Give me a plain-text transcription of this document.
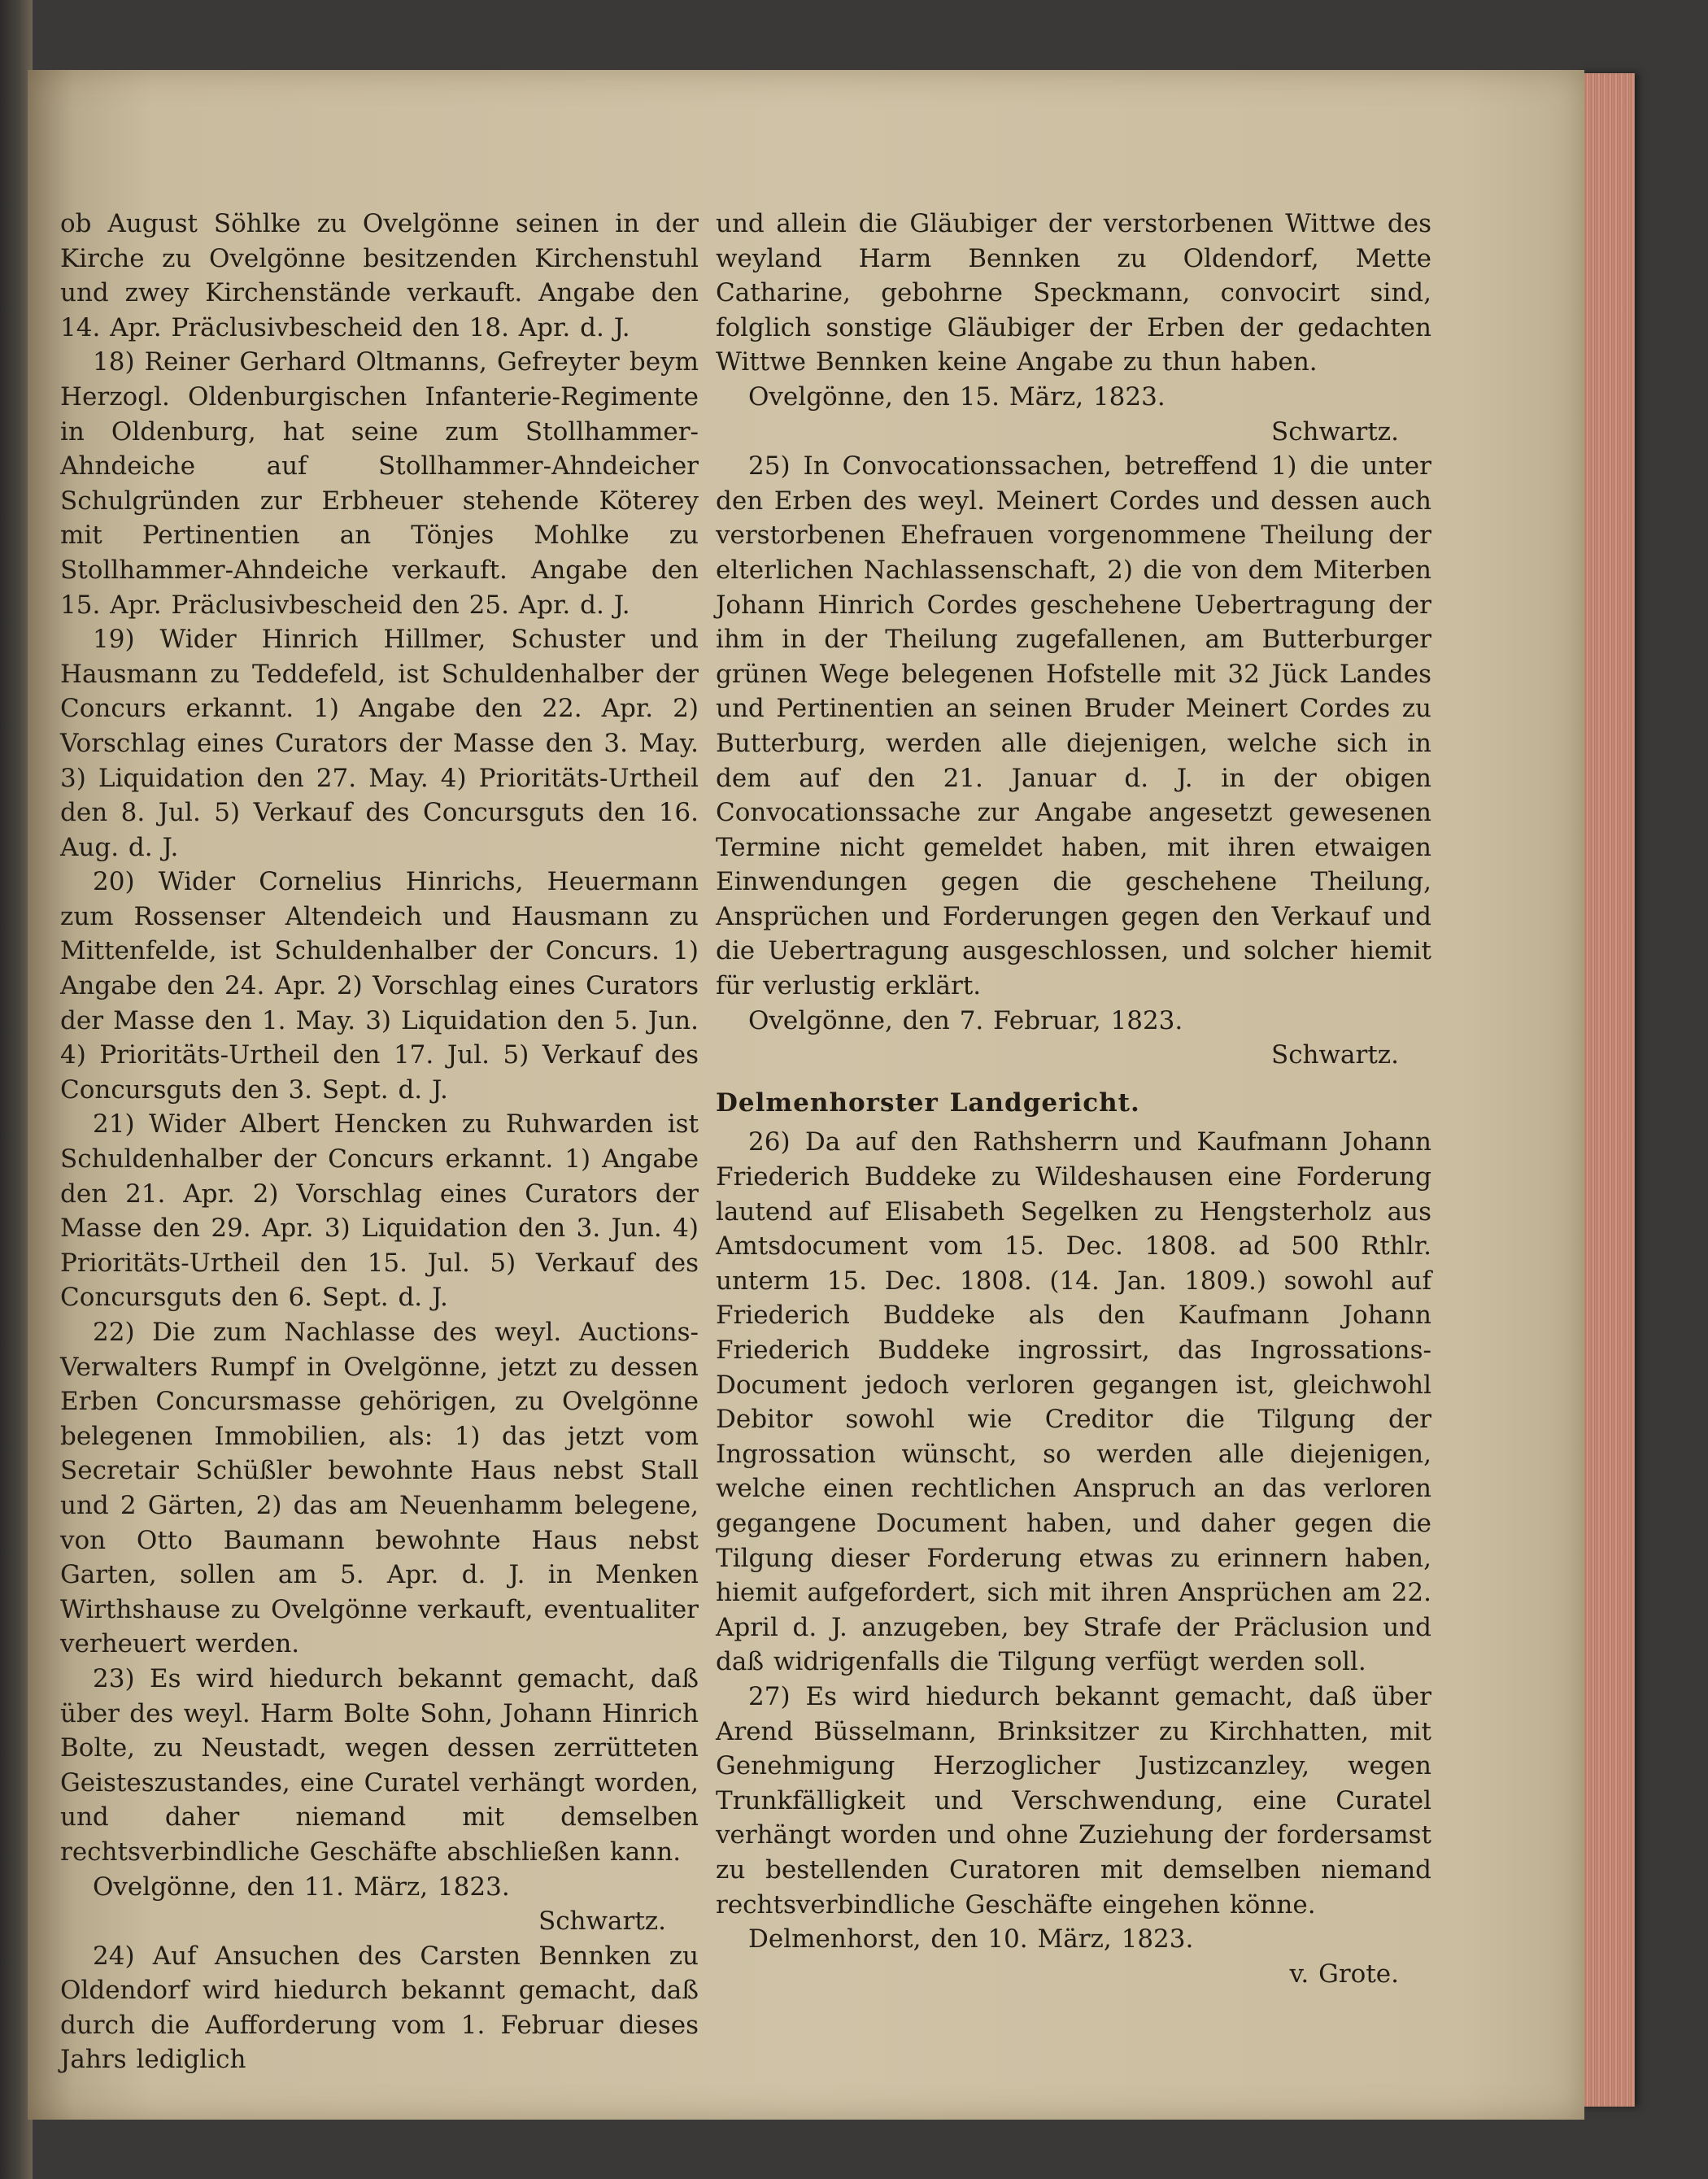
ob August Söhlke zu Ovelgönne seinen in der Kirche zu Ovelgönne besitzenden Kirchenstuhl und zwey Kirchenstände verkauft. Angabe den 14. Apr. Präclusivbescheid den 18. Apr. d. J.

18) Reiner Gerhard Oltmanns, Gefreyter beym Herzogl. Oldenburgischen Infanterie-Regimente in Oldenburg, hat seine zum Stollhammer-Ahndeiche auf Stollhammer-Ahndeicher Schulgründen zur Erbheuer stehende Köterey mit Pertinentien an Tönjes Mohlke zu Stollhammer-Ahndeiche verkauft. Angabe den 15. Apr. Präclusivbescheid den 25. Apr. d. J.

19) Wider Hinrich Hillmer, Schuster und Hausmann zu Teddefeld, ist Schuldenhalber der Concurs erkannt. 1) Angabe den 22. Apr. 2) Vorschlag eines Curators der Masse den 3. May. 3) Liquidation den 27. May. 4) Prioritäts-Urtheil den 8. Jul. 5) Verkauf des Concursguts den 16. Aug. d. J.

20) Wider Cornelius Hinrichs, Heuermann zum Rossenser Altendeich und Hausmann zu Mittenfelde, ist Schuldenhalber der Concurs. 1) Angabe den 24. Apr. 2) Vorschlag eines Curators der Masse den 1. May. 3) Liquidation den 5. Jun. 4) Prioritäts-Urtheil den 17. Jul. 5) Verkauf des Concursguts den 3. Sept. d. J.

21) Wider Albert Hencken zu Ruhwarden ist Schuldenhalber der Concurs erkannt. 1) Angabe den 21. Apr. 2) Vorschlag eines Curators der Masse den 29. Apr. 3) Liquidation den 3. Jun. 4) Prioritäts-Urtheil den 15. Jul. 5) Verkauf des Concursguts den 6. Sept. d. J.

22) Die zum Nachlasse des weyl. Auctions-Verwalters Rumpf in Ovelgönne, jetzt zu dessen Erben Concursmasse gehörigen, zu Ovelgönne belegenen Immobilien, als: 1) das jetzt vom Secretair Schüßler bewohnte Haus nebst Stall und 2 Gärten, 2) das am Neuenhamm belegene, von Otto Baumann bewohnte Haus nebst Garten, sollen am 5. Apr. d. J. in Menken Wirthshause zu Ovelgönne verkauft, eventualiter verheuert werden.

23) Es wird hiedurch bekannt gemacht, daß über des weyl. Harm Bolte Sohn, Johann Hinrich Bolte, zu Neustadt, wegen dessen zerrütteten Geisteszustandes, eine Curatel verhängt worden, und daher niemand mit demselben rechtsverbindliche Geschäfte abschließen kann.

Ovelgönne, den 11. März, 1823.

Schwartz.

24) Auf Ansuchen des Carsten Bennken zu Oldendorf wird hiedurch bekannt gemacht, daß durch die Aufforderung vom 1. Februar dieses Jahrs lediglich

und allein die Gläubiger der verstorbenen Wittwe des weyland Harm Bennken zu Oldendorf, Mette Catharine, gebohrne Speckmann, convocirt sind, folglich sonstige Gläubiger der Erben der gedachten Wittwe Bennken keine Angabe zu thun haben.

Ovelgönne, den 15. März, 1823.

Schwartz.

25) In Convocationssachen, betreffend 1) die unter den Erben des weyl. Meinert Cordes und dessen auch verstorbenen Ehefrauen vorgenommene Theilung der elterlichen Nachlassenschaft, 2) die von dem Miterben Johann Hinrich Cordes geschehene Uebertragung der ihm in der Theilung zugefallenen, am Butterburger grünen Wege belegenen Hofstelle mit 32 Jück Landes und Pertinentien an seinen Bruder Meinert Cordes zu Butterburg, werden alle diejenigen, welche sich in dem auf den 21. Januar d. J. in der obigen Convocationssache zur Angabe angesetzt gewesenen Termine nicht gemeldet haben, mit ihren etwaigen Einwendungen gegen die geschehene Theilung, Ansprüchen und Forderungen gegen den Verkauf und die Uebertragung ausgeschlossen, und solcher hiemit für verlustig erklärt.

Ovelgönne, den 7. Februar, 1823.

Schwartz.

Delmenhorster Landgericht.

26) Da auf den Rathsherrn und Kaufmann Johann Friederich Buddeke zu Wildeshausen eine Forderung lautend auf Elisabeth Segelken zu Hengsterholz aus Amtsdocument vom 15. Dec. 1808. ad 500 Rthlr. unterm 15. Dec. 1808. (14. Jan. 1809.) sowohl auf Friederich Buddeke als den Kaufmann Johann Friederich Buddeke ingrossirt, das Ingrossations-Document jedoch verloren gegangen ist, gleichwohl Debitor sowohl wie Creditor die Tilgung der Ingrossation wünscht, so werden alle diejenigen, welche einen rechtlichen Anspruch an das verloren gegangene Document haben, und daher gegen die Tilgung dieser Forderung etwas zu erinnern haben, hiemit aufgefordert, sich mit ihren Ansprüchen am 22. April d. J. anzugeben, bey Strafe der Präclusion und daß widrigenfalls die Tilgung verfügt werden soll.

27) Es wird hiedurch bekannt gemacht, daß über Arend Büsselmann, Brinksitzer zu Kirchhatten, mit Genehmigung Herzoglicher Justizcanzley, wegen Trunkfälligkeit und Verschwendung, eine Curatel verhängt worden und ohne Zuziehung der fordersamst zu bestellenden Curatoren mit demselben niemand rechtsverbindliche Geschäfte eingehen könne.

Delmenhorst, den 10. März, 1823.

v. Grote.
